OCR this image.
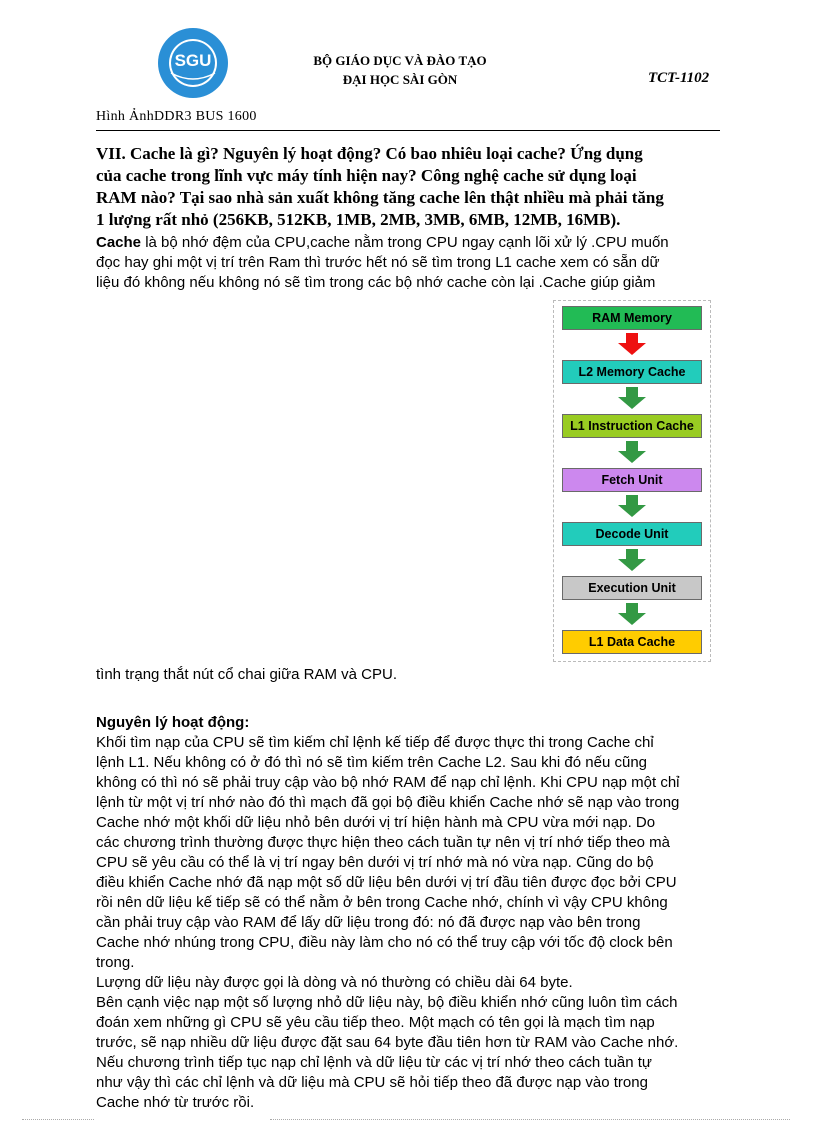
SGU	BỘ GIÁO DỤC VÀ ĐÀO TẠO
ĐẠI HỌC SÀI GÒN	TCT-1102
Hình ẢnhDDR3 BUS 1600
VII. Cache là gì? Nguyên lý hoạt động? Có bao nhiêu loại cache? Ứng dụng
của cache trong lĩnh vực máy tính hiện nay? Công nghệ cache sử dụng loại
RAM nào? Tại sao nhà sản xuất không tăng cache lên thật nhiều mà phải tăng
1 lượng rất nhỏ (256KB, 512KB, 1MB, 2MB, 3MB, 6MB, 12MB, 16MB).
Cache là bộ nhớ đệm của CPU,cache nằm trong CPU ngay cạnh lõi xử lý .CPU muốn
đọc hay ghi một vị trí trên Ram thì trước hết nó sẽ tìm trong L1 cache xem có sẵn dữ
liệu đó không nếu không nó sẽ tìm trong các bộ nhớ cache còn lại .Cache giúp giảm
RAM Memory
L2 Memory Cache
L1 Instruction Cache
Fetch Unit
Decode Unit
Execution Unit
L1 Data Cache
tình trạng thắt nút cổ chai giữa RAM và CPU.
Nguyên lý hoạt động:
Khối tìm nạp của CPU sẽ tìm kiếm chỉ lệnh kế tiếp để được thực thi trong Cache chỉ
lệnh L1. Nếu không có ở đó thì nó sẽ tìm kiếm trên Cache L2. Sau khi đó nếu cũng
không có thì nó sẽ phải truy cập vào bộ nhớ RAM để nạp chỉ lệnh. Khi CPU nạp một chỉ
lệnh từ một vị trí nhớ nào đó thì mạch đã gọi bộ điều khiển Cache nhớ sẽ nạp vào trong
Cache nhớ một khối dữ liệu nhỏ bên dưới vị trí hiện hành mà CPU vừa mới nạp. Do
các chương trình thường được thực hiện theo cách tuần tự nên vị trí nhớ tiếp theo mà
CPU sẽ yêu cầu có thể là vị trí ngay bên dưới vị trí nhớ mà nó vừa nạp. Cũng do bộ
điều khiển Cache nhớ đã nạp một số dữ liệu bên dưới vị trí đầu tiên được đọc bởi CPU
rồi nên dữ liệu kế tiếp sẽ có thể nằm ở bên trong Cache nhớ, chính vì vậy CPU không
cần phải truy cập vào RAM để lấy dữ liệu trong đó: nó đã được nạp vào bên trong
Cache nhớ nhúng trong CPU, điều này làm cho nó có thể truy cập với tốc độ clock bên
trong.
Lượng dữ liệu này được gọi là dòng và nó thường có chiều dài 64 byte.
Bên cạnh việc nạp một số lượng nhỏ dữ liệu này, bộ điều khiển nhớ cũng luôn tìm cách
đoán xem những gì CPU sẽ yêu cầu tiếp theo. Một mạch có tên gọi là mạch tìm nạp
trước, sẽ nạp nhiều dữ liệu được đặt sau 64 byte đầu tiên hơn từ RAM vào Cache nhớ.
Nếu chương trình tiếp tục nạp chỉ lệnh và dữ liệu từ các vị trí nhớ theo cách tuần tự
như vậy thì các chỉ lệnh và dữ liệu mà CPU sẽ hỏi tiếp theo đã được nạp vào trong
Cache nhớ từ trước rồi.
